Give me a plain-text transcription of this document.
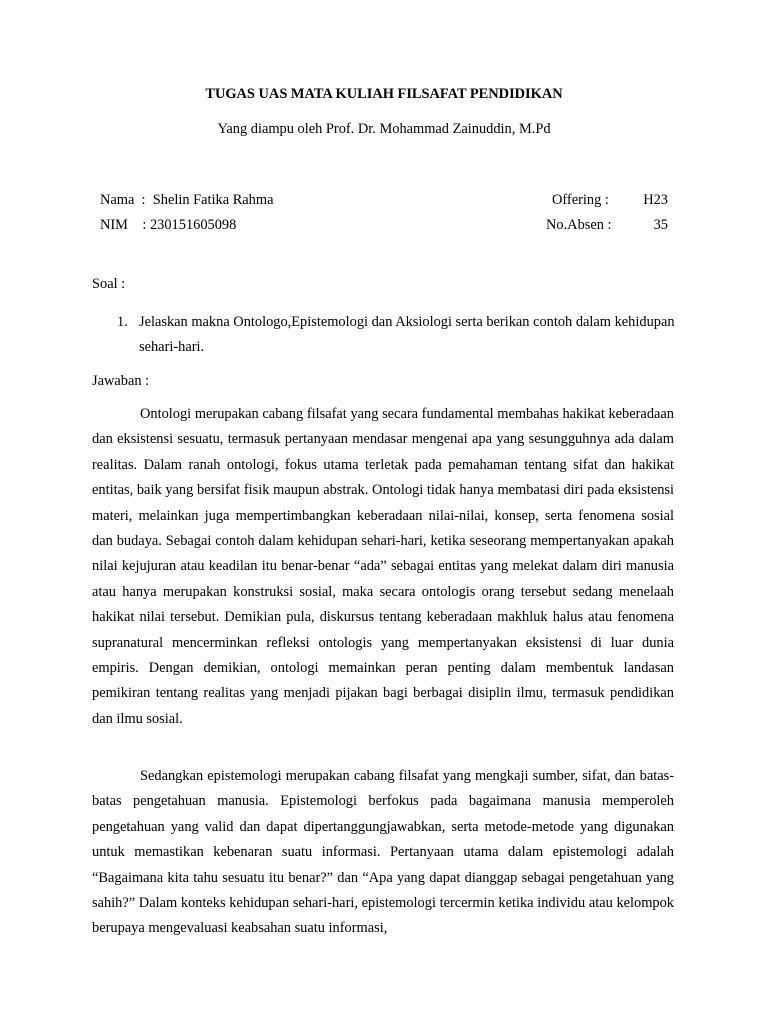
TUGAS UAS MATA KULIAH FILSAFAT PENDIDIKAN
Yang diampu oleh Prof. Dr. Mohammad Zainuddin, M.Pd
Nama  :  Shelin Fatika Rahma
NIM    : 230151605098
Offering :	H23
No.Absen :	35
Soal :
1. Jelaskan makna Ontologo,Epistemologi dan Aksiologi serta berikan contoh dalam kehidupan sehari-hari.
Jawaban :

Ontologi merupakan cabang filsafat yang secara fundamental membahas hakikat keberadaan dan eksistensi sesuatu, termasuk pertanyaan mendasar mengenai apa yang sesungguhnya ada dalam realitas. Dalam ranah ontologi, fokus utama terletak pada pemahaman tentang sifat dan hakikat entitas, baik yang bersifat fisik maupun abstrak. Ontologi tidak hanya membatasi diri pada eksistensi materi, melainkan juga mempertimbangkan keberadaan nilai-nilai, konsep, serta fenomena sosial dan budaya. Sebagai contoh dalam kehidupan sehari-hari, ketika seseorang mempertanyakan apakah nilai kejujuran atau keadilan itu benar-benar “ada” sebagai entitas yang melekat dalam diri manusia atau hanya merupakan konstruksi sosial, maka secara ontologis orang tersebut sedang menelaah hakikat nilai tersebut. Demikian pula, diskursus tentang keberadaan makhluk halus atau fenomena supranatural mencerminkan refleksi ontologis yang mempertanyakan eksistensi di luar dunia empiris. Dengan demikian, ontologi memainkan peran penting dalam membentuk landasan pemikiran tentang realitas yang menjadi pijakan bagi berbagai disiplin ilmu, termasuk pendidikan dan ilmu sosial.

Sedangkan epistemologi merupakan cabang filsafat yang mengkaji sumber, sifat, dan batas-batas pengetahuan manusia. Epistemologi berfokus pada bagaimana manusia memperoleh pengetahuan yang valid dan dapat dipertanggungjawabkan, serta metode-metode yang digunakan untuk memastikan kebenaran suatu informasi. Pertanyaan utama dalam epistemologi adalah “Bagaimana kita tahu sesuatu itu benar?” dan “Apa yang dapat dianggap sebagai pengetahuan yang sahih?” Dalam konteks kehidupan sehari-hari, epistemologi tercermin ketika individu atau kelompok berupaya mengevaluasi keabsahan suatu informasi,
